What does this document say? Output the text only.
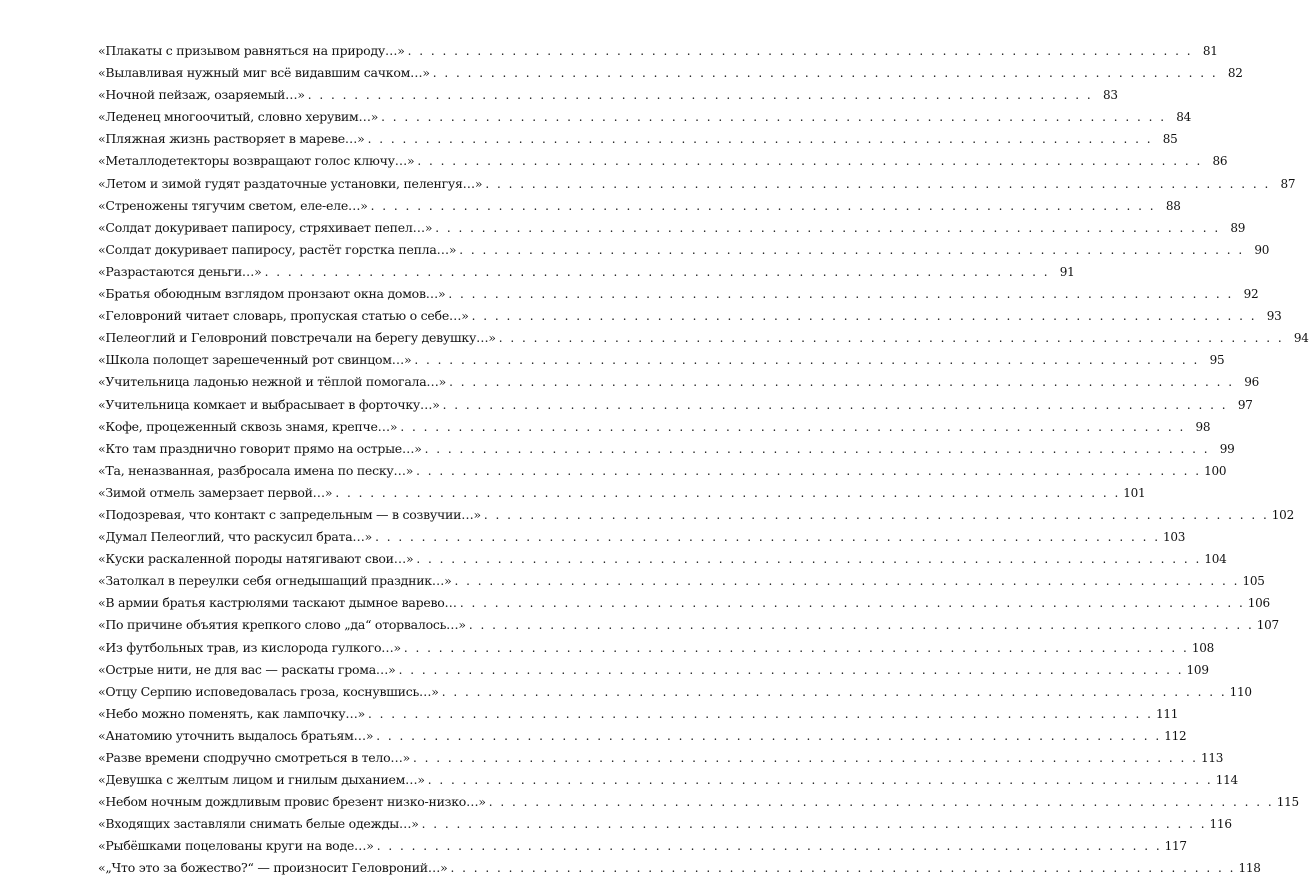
«Плакаты с призывом равняться на природу…» . . .	81
«Вылавливая нужный миг всё видавшим сачком…» . . .	82
«Ночной пейзаж, озаряемый…» . . .	83
«Леденец многоочитый, словно херувим…» . . .	84
«Пляжная жизнь растворяет в мареве…» . . .	85
«Металлодетекторы возвращают голос ключу…» . . .	86
«Летом и зимой гудят раздаточные установки, пеленгуя…» . . .	87
«Стреножены тягучим светом, еле-еле…» . . .	88
«Солдат докуривает папиросу, стряхивает пепел…» . . .	89
«Солдат докуривает папиросу, растёт горстка пепла…» . . .	90
«Разрастаются деньги…» . . .	91
«Братья обоюдным взглядом пронзают окна домов…» . . .	92
«Геловроний читает словарь, пропуская статью о себе…» . . .	93
«Пелеоглий и Геловроний повстречали на берегу девушку…» . . .	94
«Школа полощет зарешеченный рот свинцом…» . . .	95
«Учительница ладонью нежной и тёплой помогала…» . . .	96
«Учительница комкает и выбрасывает в форточку…» . . .	97
«Кофе, процеженный сквозь знамя, крепче…» . . .	98
«Кто там празднично говорит прямо на острые…» . . .	99
«Та, неназванная, разбросала имена по песку…» . . .	100
«Зимой отмель замерзает первой…» . . .	101
«Подозревая, что контакт с запредельным — в созвучии…» . . .	102
«Думал Пелеоглий, что раскусил брата…» . . .	103
«Куски раскаленной породы натягивают свои…» . . .	104
«Затолкал в переулки себя огнедышащий праздник…» . . .	105
«В армии братья кастрюлями таскают дымное варево… . . .	106
«По причине объятия крепкого слово „да“ оторвалось…» . . .	107
«Из футбольных трав, из кислорода гулкого…» . . .	108
«Острые нити, не для вас — раскаты грома…» . . .	109
«Отцу Серпию исповедовалась гроза, коснувшись…» . . .	110
«Небо можно поменять, как лампочку…» . . .	111
«Анатомию уточнить выдалось братьям…» . . .	112
«Разве времени сподручно смотреться в тело…» . . .	113
«Девушка с желтым лицом и гнилым дыханием…» . . .	114
«Небом ночным дождливым провис брезент низко-низко…» . . .	115
«Входящих заставляли снимать белые одежды…» . . .	116
«Рыбёшками поцелованы круги на воде…» . . .	117
«„Что это за божество?“ — произносит Геловроний…» . . .	118
